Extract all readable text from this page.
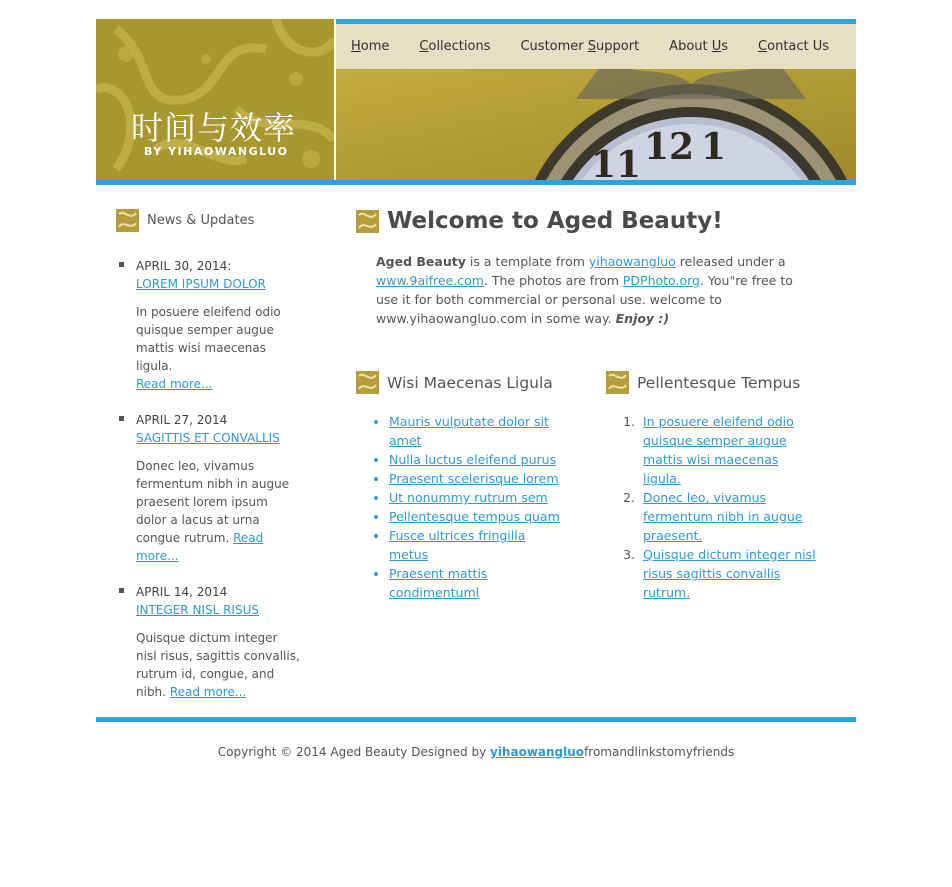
时间与效率
BY YIHAOWANGLUO
Home Collections Customer Support About Us Contact Us
11 12 1
News & Updates
APRIL 30, 2014:
LOREM IPSUM DOLOR

In posuere eleifend odio quisque semper augue mattis wisi maecenas ligula.
Read more...

APRIL 27, 2014
SAGITTIS ET CONVALLIS

Donec leo, vivamus fermentum nibh in augue praesent lorem ipsum dolor a lacus at urna congue rutrum. Read more...

APRIL 14, 2014
INTEGER NISL RISUS

Quisque dictum integer nisl risus, sagittis convallis, rutrum id, congue, and nibh. Read more...

Welcome to Aged Beauty!

Aged Beauty is a template from yihaowangluo released under a www.9aifree.com. The photos are from PDPhoto.org. You"re free to use it for both commercial or personal use. welcome to www.yihaowangluo.com in some way. Enjoy :)

Wisi Maecenas Ligula
• Mauris vulputate dolor sit amet
• Nulla luctus eleifend purus
• Praesent scelerisque lorem
• Ut nonummy rutrum sem
• Pellentesque tempus quam
• Fusce ultrices fringilla metus
• Praesent mattis condimentuml
Pellentesque Tempus
1. In posuere eleifend odio quisque semper augue mattis wisi maecenas ligula.
2. Donec leo, vivamus fermentum nibh in augue praesent.
3. Quisque dictum integer nisl risus sagittis convallis rutrum.
Copyright © 2014 Aged Beauty Designed by yihaowangluofromandlinkstomyfriends
